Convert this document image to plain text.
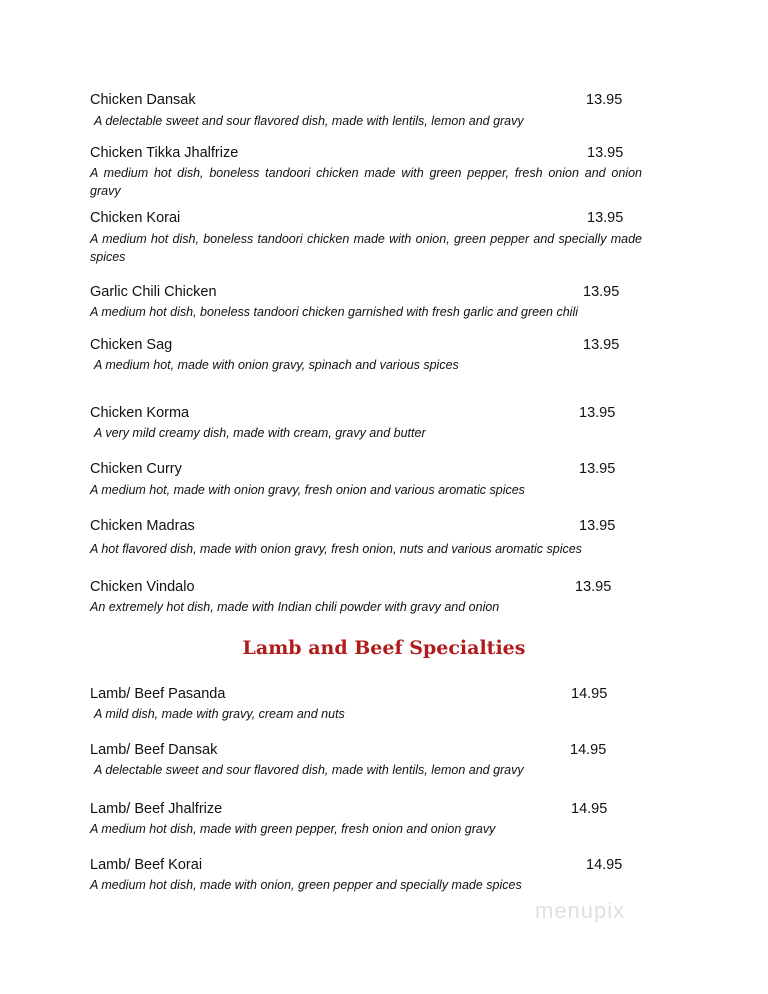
Chicken Dansak	13.95
A delectable sweet and sour flavored dish, made with lentils, lemon and gravy
Chicken Tikka Jhalfrize	13.95
A medium hot dish, boneless tandoori chicken made with green pepper, fresh onion and onion gravy
Chicken Korai	13.95
A medium hot dish, boneless tandoori chicken made with onion, green pepper and specially made spices
Garlic Chili Chicken	13.95
A medium hot dish, boneless tandoori chicken garnished with fresh garlic and green chili
Chicken Sag	13.95
A medium hot, made with onion gravy, spinach and various spices
Chicken Korma	13.95
A very mild creamy dish, made with cream, gravy and butter
Chicken Curry	13.95
A medium hot, made with onion gravy, fresh onion and various aromatic spices
Chicken Madras	13.95
A hot flavored dish, made with onion gravy, fresh onion, nuts and various aromatic spices
Chicken Vindalo	13.95
An extremely hot dish, made with Indian chili powder with gravy and onion
Lamb and Beef Specialties
Lamb/ Beef Pasanda	14.95
A mild dish, made with gravy, cream and nuts
Lamb/ Beef Dansak	14.95
A delectable sweet and sour flavored dish, made with lentils, lemon and gravy
Lamb/ Beef Jhalfrize	14.95
A medium hot dish, made with green pepper, fresh onion and onion gravy
Lamb/ Beef Korai	14.95
A medium hot dish, made with onion, green pepper and specially made spices
menupix
